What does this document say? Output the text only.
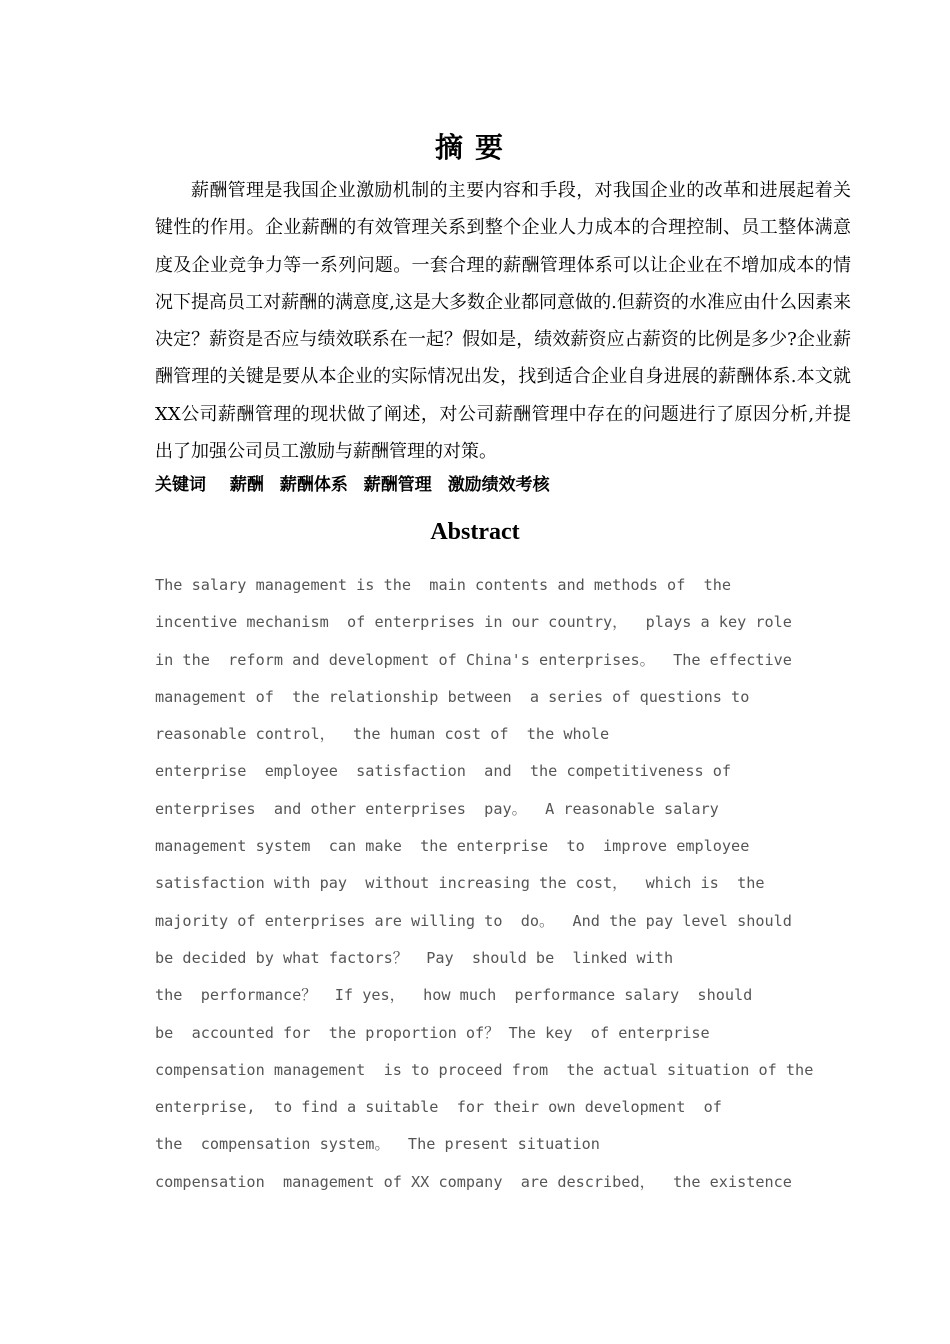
摘要

薪酬管理是我国企业激励机制的主要内容和手段，对我国企业的改革和进展起着关键性的作用。企业薪酬的有效管理关系到整个企业人力成本的合理控制、员工整体满意度及企业竞争力等一系列问题。一套合理的薪酬管理体系可以让企业在不增加成本的情况下提高员工对薪酬的满意度,这是大多数企业都同意做的.但薪资的水准应由什么因素来决定？薪资是否应与绩效联系在一起？假如是，绩效薪资应占薪资的比例是多少?企业薪酬管理的关键是要从本企业的实际情况出发，找到适合企业自身进展的薪酬体系.本文就XX公司薪酬管理的现状做了阐述，对公司薪酬管理中存在的问题进行了原因分析,并提出了加强公司员工激励与薪酬管理的对策。

关键词 薪酬 薪酬体系 薪酬管理 激励绩效考核
Abstract
The salary management is the  main contents and methods of  the
incentive mechanism  of enterprises in our country，  plays a key role
in the  reform and development of China's enterprises。  The effective
management of  the relationship between  a series of questions to
reasonable control，  the human cost of  the whole
enterprise  employee  satisfaction  and  the competitiveness of
enterprises  and other enterprises  pay。  A reasonable salary
management system  can make  the enterprise  to  improve employee
satisfaction with pay  without increasing the cost，  which is  the
majority of enterprises are willing to  do。  And the pay level should
be decided by what factors？  Pay  should be  linked with
the  performance？  If yes，  how much  performance salary  should
be  accounted for  the proportion of？ The key  of enterprise
compensation management  is to proceed from  the actual situation of the
enterprise,  to find a suitable  for their own development  of
the  compensation system。  The present situation
compensation  management of XX company  are described，  the existence
